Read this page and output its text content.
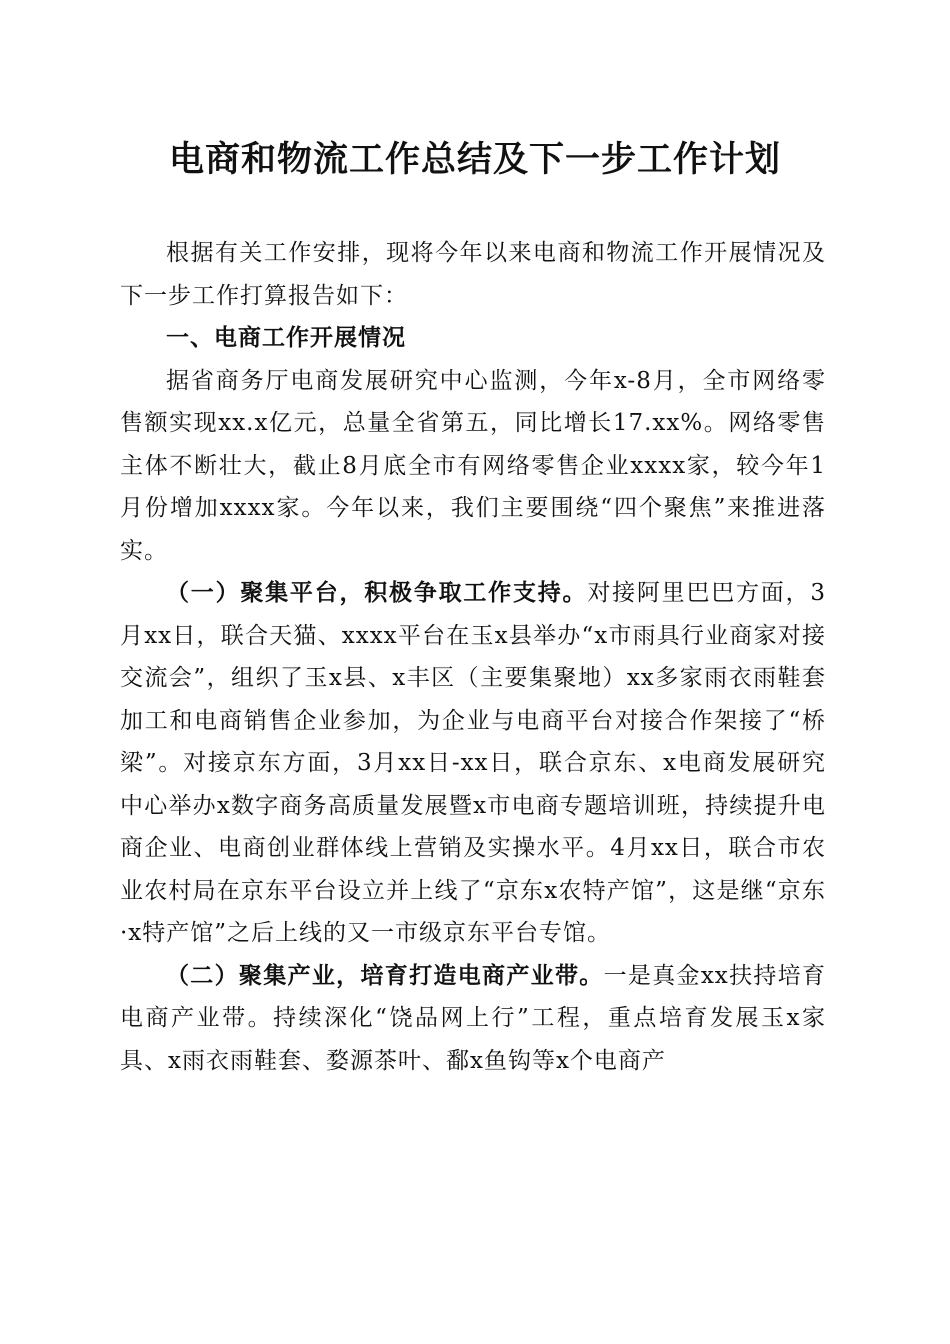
电商和物流工作总结及下一步工作计划

根据有关工作安排，现将今年以来电商和物流工作开展情况及下一步工作打算报告如下：

一、电商工作开展情况

据省商务厅电商发展研究中心监测，今年x-8月，全市网络零售额实现xx.x亿元，总量全省第五，同比增长17.xx%。网络零售主体不断壮大，截止8月底全市有网络零售企业xxxx家，较今年1月份增加xxxx家。今年以来，我们主要围绕“四个聚焦”来推进落实。

（一）聚集平台，积极争取工作支持。对接阿里巴巴方面，3月xx日，联合天猫、xxxx平台在玉x县举办“x市雨具行业商家对接交流会”，组织了玉x县、x丰区（主要集聚地）xx多家雨衣雨鞋套加工和电商销售企业参加，为企业与电商平台对接合作架接了“桥梁”。对接京东方面，3月xx日-xx日，联合京东、x电商发展研究中心举办x数字商务高质量发展暨x市电商专题培训班，持续提升电商企业、电商创业群体线上营销及实操水平。4月xx日，联合市农业农村局在京东平台设立并上线了“京东x农特产馆”，这是继“京东·x特产馆”之后上线的又一市级京东平台专馆。

（二）聚集产业，培育打造电商产业带。一是真金xx扶持培育电商产业带。持续深化“饶品网上行”工程，重点培育发展玉x家具、x雨衣雨鞋套、婺源茶叶、鄱x鱼钩等x个电商产
